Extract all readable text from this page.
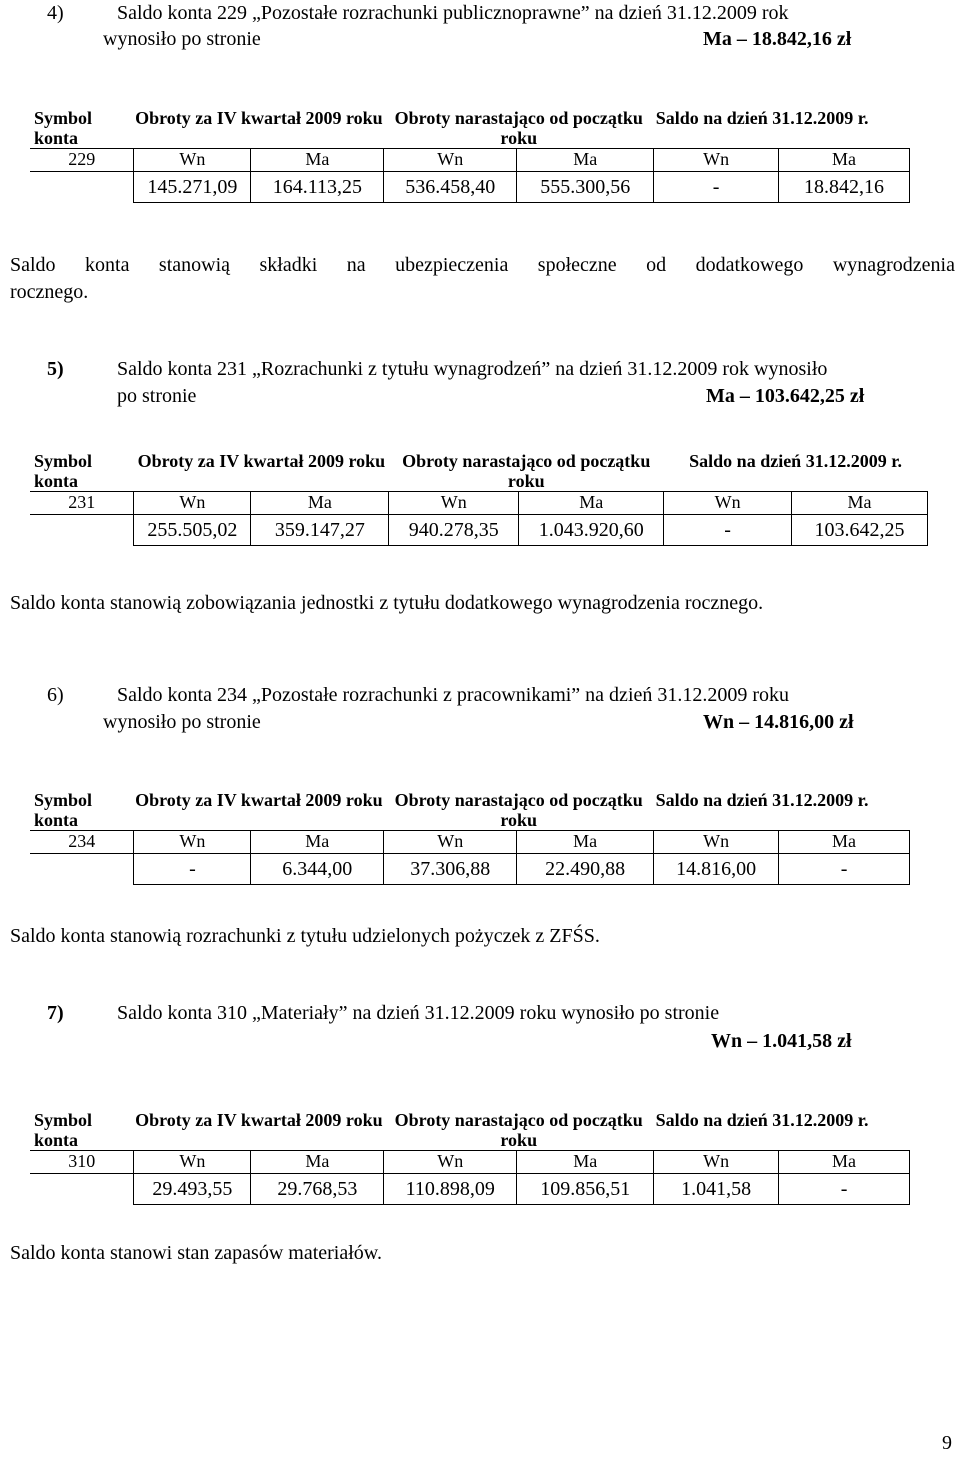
4)	Saldo konta 229 „Pozostałe rozrachunki publicznoprawne” na dzień 31.12.2009 rok
wynosiło po stronie	Ma – 18.842,16 zł
Symbol konta	Obroty za IV kwartał 2009 roku		Obroty narastająco od początku roku		Saldo na dzień 31.12.2009 r.	
229	Wn	Ma	Wn	Ma	Wn	Ma
	145.271,09	164.113,25	536.458,40	555.300,56	-	18.842,16
Saldo konta stanowią składki na ubezpieczenia społeczne od dodatkowego wynagrodzenia
rocznego.
5)	Saldo konta 231 „Rozrachunki z tytułu wynagrodzeń” na dzień 31.12.2009 rok wynosiło
po stronie	Ma – 103.642,25 zł
Symbol konta	Obroty za IV kwartał 2009 roku		Obroty narastająco od początku roku		Saldo na dzień 31.12.2009 r.	
231	Wn	Ma	Wn	Ma	Wn	Ma
	255.505,02	359.147,27	940.278,35	1.043.920,60	-	103.642,25
Saldo konta stanowią zobowiązania jednostki z tytułu dodatkowego wynagrodzenia rocznego.
6)	Saldo konta 234 „Pozostałe rozrachunki z pracownikami” na dzień 31.12.2009 roku
wynosiło po stronie	Wn – 14.816,00 zł
Symbol konta	Obroty za IV kwartał 2009 roku		Obroty narastająco od początku roku		Saldo na dzień 31.12.2009 r.	
234	Wn	Ma	Wn	Ma	Wn	Ma
	-	6.344,00	37.306,88	22.490,88	14.816,00	-
Saldo konta stanowią rozrachunki z tytułu udzielonych pożyczek z ZFŚS.
7)	Saldo konta 310 „Materiały” na dzień 31.12.2009 roku wynosiło po stronie
Wn – 1.041,58 zł
Symbol konta	Obroty za IV kwartał 2009 roku		Obroty narastająco od początku roku		Saldo na dzień 31.12.2009 r.	
310	Wn	Ma	Wn	Ma	Wn	Ma
	29.493,55	29.768,53	110.898,09	109.856,51	1.041,58	-
Saldo konta stanowi stan zapasów materiałów.
9
